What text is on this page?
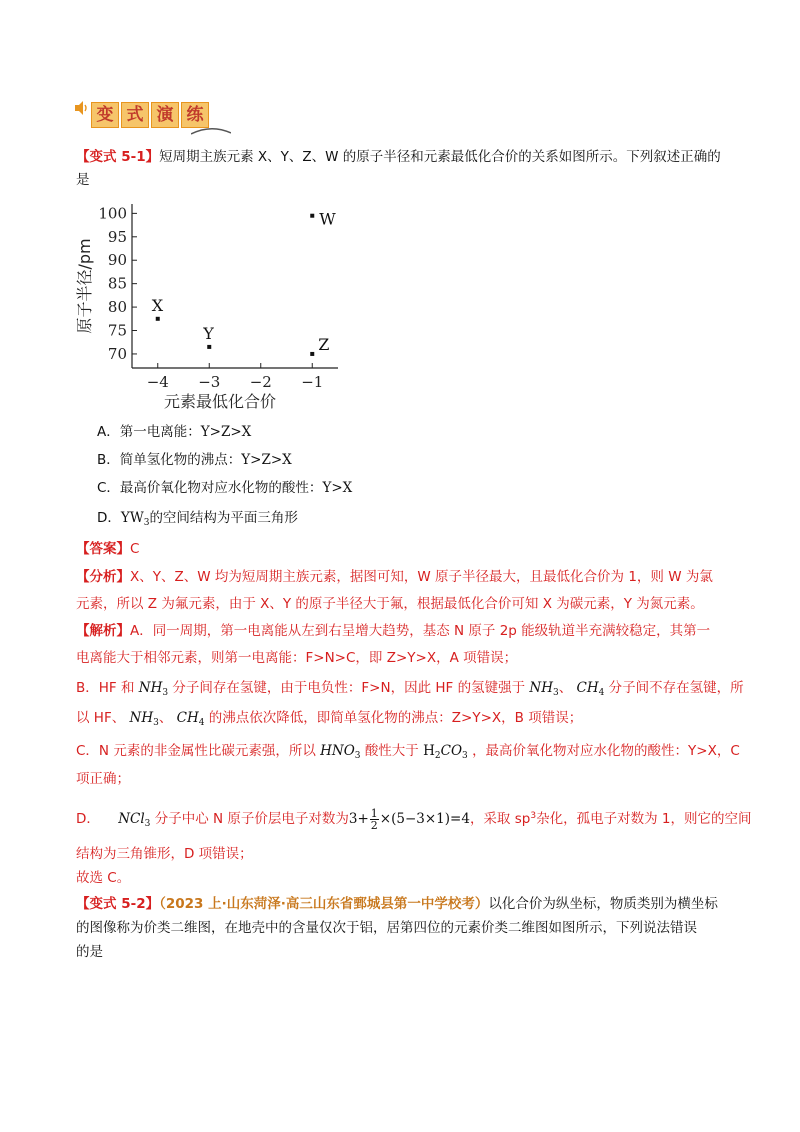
变 式 演 练
【变式 5-1】短周期主族元素 X、Y、Z、W 的原子半径和元素最低化合价的关系如图所示。下列叙述正确的
是
70
75
80
85
90
95
100
−4 −3 −2 −1
元素最低化合价
原子半径/pm	X
Y
Z
W
A．第一电离能：Y>Z>X
B．简单氢化物的沸点：Y>Z>X
C．最高价氧化物对应水化物的酸性：Y>X
D．$YW_3$的空间结构为平面三角形
【答案】C
【分析】X、Y、Z、W 均为短周期主族元素，据图可知，W 原子半径最大，且最低化合价为 1，则 W 为氯
元素，所以 Z 为氟元素，由于 X、Y 的原子半径大于氟，根据最低化合价可知 X 为碳元素，Y 为氮元素。
【解析】A．同一周期，第一电离能从左到右呈增大趋势，基态 N 原子 2p 能级轨道半充满较稳定，其第一
电离能大于相邻元素，则第一电离能：F>N>C，即 Z>Y>X，A 项错误；
B．HF 和 $NH_3$ 分子间存在氢键，由于电负性：F>N，因此 HF 的氢键强于 $NH_3$、 $CH_4$ 分子间不存在氢键，所
以 HF、 $NH_3$、 $CH_4$ 的沸点依次降低，即简单氢化物的沸点：Z>Y>X，B 项错误；
C．N 元素的非金属性比碳元素强，所以 $HNO_3$ 酸性大于 $H_2CO_3$ ，最高价氧化物对应水化物的酸性：Y>X，C
项正确；
D． NCl$_3$ 分子中心 N 原子价层电子对数为$3+ \frac{1}{2} \times(5-3\times 1)=4$，采取 $sp^3$杂化，孤电子对数为 1，则它的空间
结构为三角锥形，D 项错误；
故选 C。
【变式 5-2】（2023 上·山东菏泽·高三山东省鄄城县第一中学校考）以化合价为纵坐标，物质类别为横坐标
的图像称为价类二维图，在地壳中的含量仅次于铝，居第四位的元素价类二维图如图所示，下列说法错误
的是
